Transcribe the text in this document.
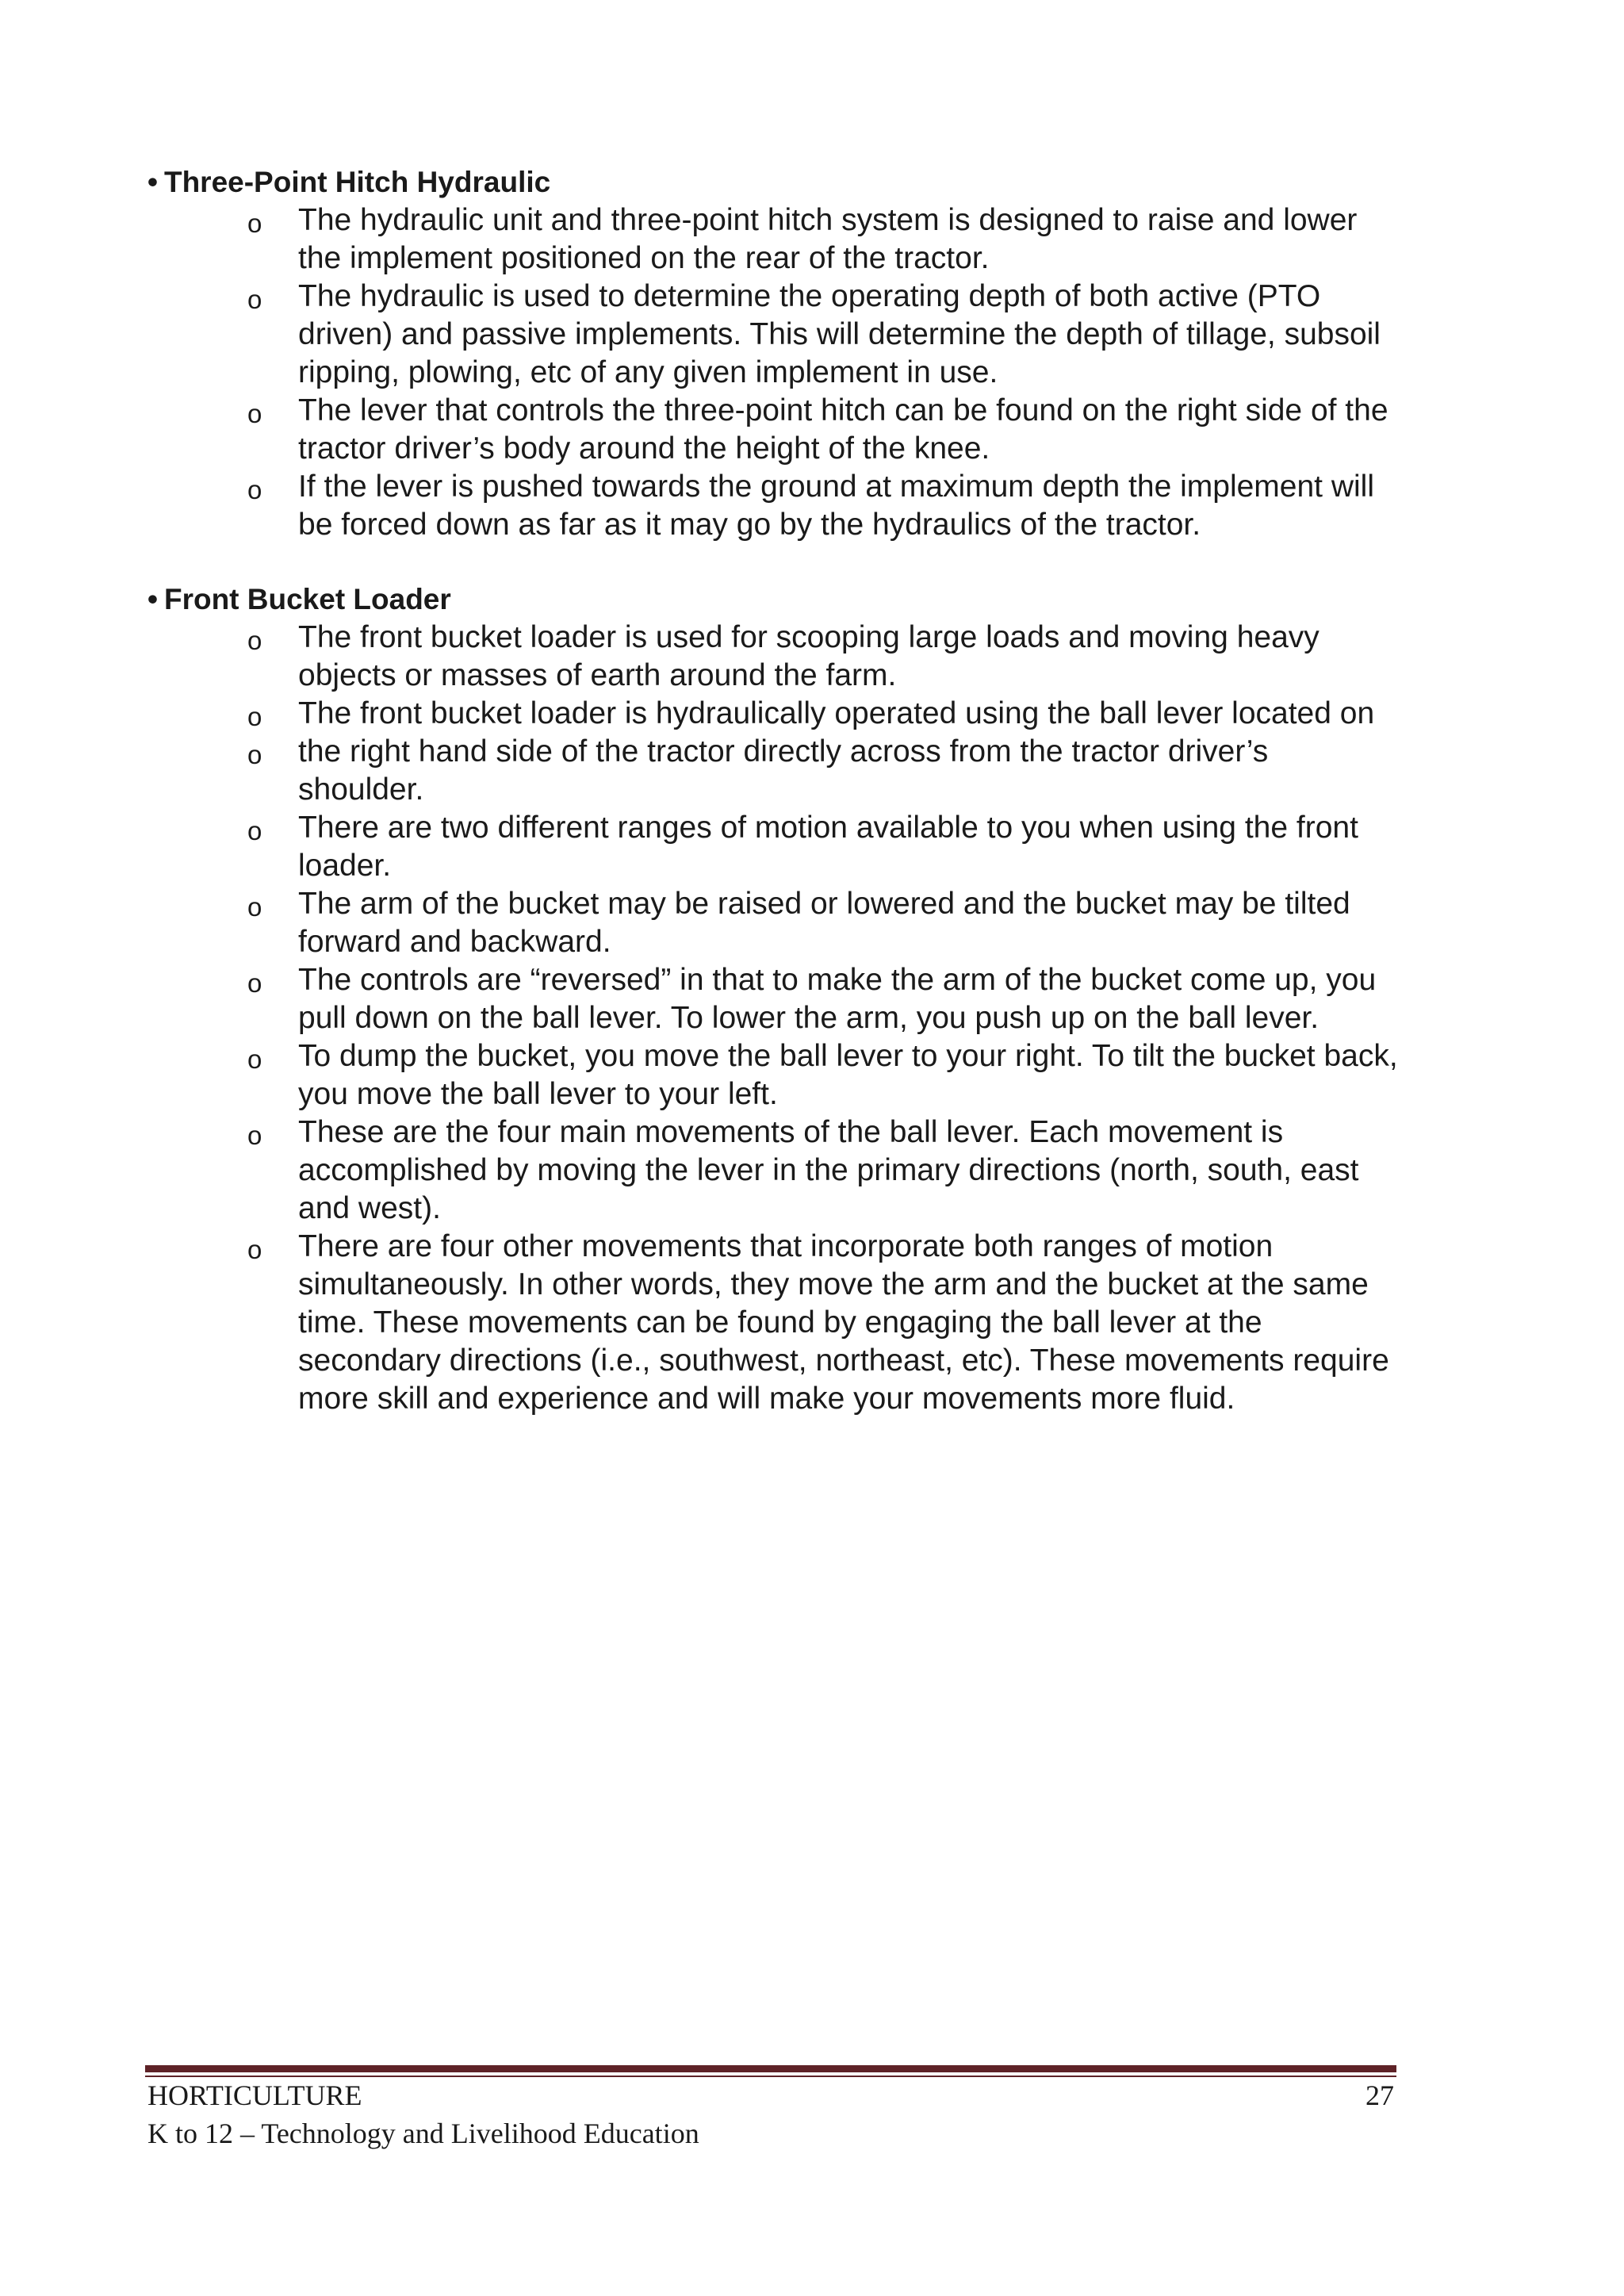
• Three-Point Hitch Hydraulic
o The hydraulic unit and three-point hitch system is designed to raise and lower the implement positioned on the rear of the tractor.
o The hydraulic is used to determine the operating depth of both active (PTO driven) and passive implements. This will determine the depth of tillage, subsoil ripping, plowing, etc of any given implement in use.
o The lever that controls the three-point hitch can be found on the right side of the tractor driver’s body around the height of the knee.
o If the lever is pushed towards the ground at maximum depth the implement will be forced down as far as it may go by the hydraulics of the tractor.
• Front Bucket Loader
o The front bucket loader is used for scooping large loads and moving heavy objects or masses of earth around the farm.
o The front bucket loader is hydraulically operated using the ball lever located on
o the right hand side of the tractor directly across from the tractor driver’s shoulder.
o There are two different ranges of motion available to you when using the front loader.
o The arm of the bucket may be raised or lowered and the bucket may be tilted forward and backward.
o The controls are “reversed” in that to make the arm of the bucket come up, you pull down on the ball lever. To lower the arm, you push up on the ball lever.
o To dump the bucket, you move the ball lever to your right. To tilt the bucket back, you move the ball lever to your left.
o These are the four main movements of the ball lever. Each movement is accomplished by moving the lever in the primary directions (north, south, east and west).
o There are four other movements that incorporate both ranges of motion simultaneously. In other words, they move the arm and the bucket at the same time. These movements can be found by engaging the ball lever at the secondary directions (i.e., southwest, northeast, etc). These movements require more skill and experience and will make your movements more fluid.
HORTICULTURE	27
K to 12 – Technology and Livelihood Education
